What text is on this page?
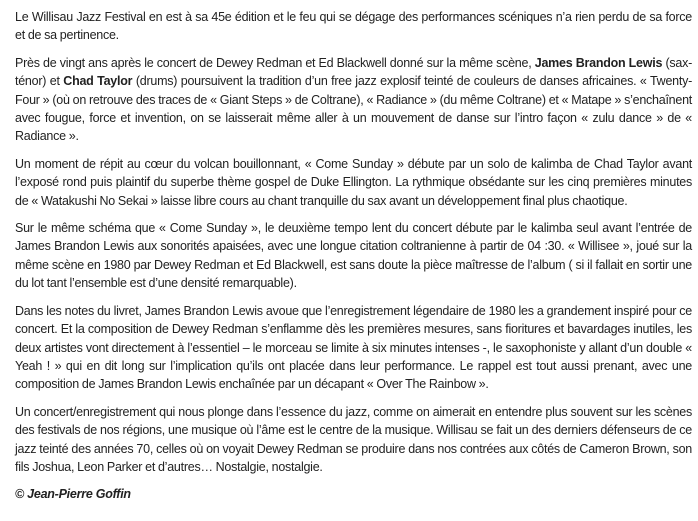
Le Willisau Jazz Festival en est à sa 45e édition et le feu qui se dégage des performances scéniques n’a rien perdu de sa force et de sa pertinence.

Près de vingt ans après le concert de Dewey Redman et Ed Blackwell donné sur la même scène, James Brandon Lewis (sax-ténor) et Chad Taylor (drums) poursuivent la tradition d’un free jazz explosif teinté de couleurs de danses africaines. « Twenty-Four » (où on retrouve des traces de « Giant Steps » de Coltrane), « Radiance » (du même Coltrane) et « Matape » s’enchaînent avec fougue, force et invention, on se laisserait même aller à un mouvement de danse sur l’intro façon « zulu dance » de « Radiance ».

Un moment de répit au cœur du volcan bouillonnant, « Come Sunday » débute par un solo de kalimba de Chad Taylor avant l’exposé rond puis plaintif du superbe thème gospel de Duke Ellington. La rythmique obsédante sur les cinq premières minutes de « Watakushi No Sekai » laisse libre cours au chant tranquille du sax avant un développement final plus chaotique.

Sur le même schéma que « Come Sunday », le deuxième tempo lent du concert débute par le kalimba seul avant l’entrée de James Brandon Lewis aux sonorités apaisées, avec une longue citation coltranienne à partir de 04 :30. « Willisee », joué sur la même scène en 1980 par Dewey Redman et Ed Blackwell, est sans doute la pièce maîtresse de l’album ( si il fallait en sortir une du lot tant l’ensemble est d’une densité remarquable).

Dans les notes du livret, James Brandon Lewis avoue que l’enregistrement légendaire de 1980 les a grandement inspiré pour ce concert. Et la composition de Dewey Redman s’enflamme dès les premières mesures, sans fioritures et bavardages inutiles, les deux artistes vont directement à l’essentiel – le morceau se limite à six minutes intenses -, le saxophoniste y allant d’un double « Yeah ! » qui en dit long sur l’implication qu’ils ont placée dans leur performance. Le rappel est tout aussi prenant, avec une composition de James Brandon Lewis enchaînée par un décapant « Over The Rainbow ».

Un concert/enregistrement qui nous plonge dans l’essence du jazz, comme on aimerait en entendre plus souvent sur les scènes des festivals de nos régions, une musique où l’âme est le centre de la musique. Willisau se fait un des derniers défenseurs de ce jazz teinté des années 70, celles où on voyait Dewey Redman se produire dans nos contrées aux côtés de Cameron Brown, son fils Joshua, Leon Parker et d’autres… Nostalgie, nostalgie.

© Jean-Pierre Goffin
